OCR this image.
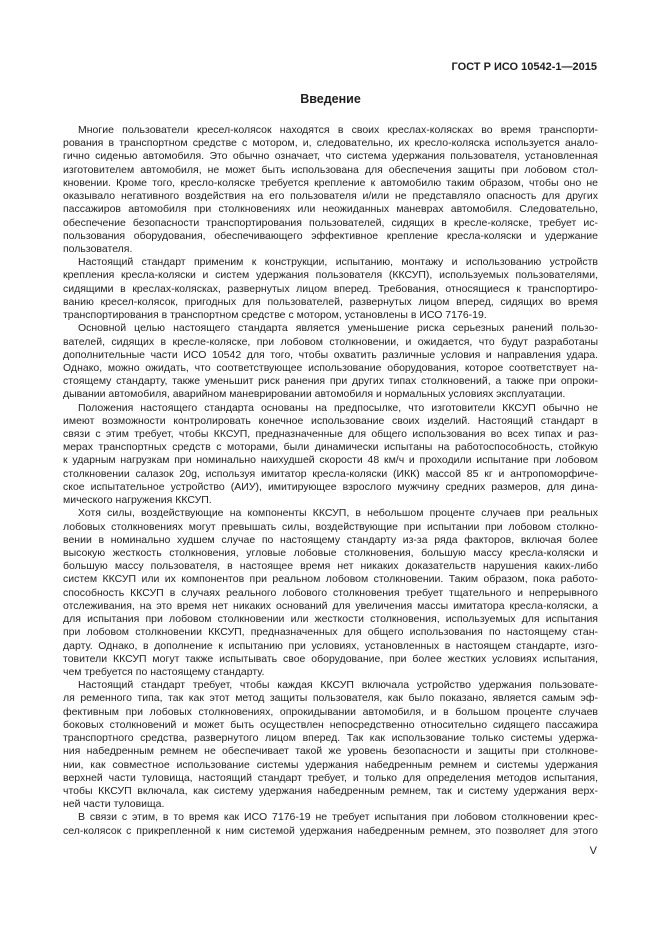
ГОСТ Р ИСО 10542-1—2015
Введение
Многие пользователи кресел-колясок находятся в своих креслах-колясках во время транспорти-
рования в транспортном средстве с мотором, и, следовательно, их кресло-коляска используется анало-
гично сиденью автомобиля. Это обычно означает, что система удержания пользователя, установленная
изготовителем автомобиля, не может быть использована для обеспечения защиты при лобовом стол-
кновении. Кроме того, кресло-коляске требуется крепление к автомобилю таким образом, чтобы оно не
оказывало негативного воздействия на его пользователя и/или не представляло опасность для других
пассажиров автомобиля при столкновениях или неожиданных маневрах автомобиля. Следовательно,
обеспечение безопасности транспортирования пользователей, сидящих в кресле-коляске, требует ис-
пользования оборудования, обеспечивающего эффективное крепление кресла-коляски и удержание
пользователя.
Настоящий стандарт применим к конструкции, испытанию, монтажу и использованию устройств
крепления кресла-коляски и систем удержания пользователя (ККСУП), используемых пользователями,
сидящими в креслах-колясках, развернутых лицом вперед. Требования, относящиеся к транспортиро-
ванию кресел-колясок, пригодных для пользователей, развернутых лицом вперед, сидящих во время
транспортирования в транспортном средстве с мотором, установлены в ИСО 7176-19.
Основной целью настоящего стандарта является уменьшение риска серьезных ранений пользо-
вателей, сидящих в кресле-коляске, при лобовом столкновении, и ожидается, что будут разработаны
дополнительные части ИСО 10542 для того, чтобы охватить различные условия и направления удара.
Однако, можно ожидать, что соответствующее использование оборудования, которое соответствует на-
стоящему стандарту, также уменьшит риск ранения при других типах столкновений, а также при опроки-
дывании автомобиля, аварийном маневрировании автомобиля и нормальных условиях эксплуатации.
Положения настоящего стандарта основаны на предпосылке, что изготовители ККСУП обычно не
имеют возможности контролировать конечное использование своих изделий. Настоящий стандарт в
связи с этим требует, чтобы ККСУП, предназначенные для общего использования во всех типах и раз-
мерах транспортных средств с моторами, были динамически испытаны на работоспособность, стойкую
к ударным нагрузкам при номинально наихудшей скорости 48 км/ч и проходили испытание при лобовом
столкновении салазок 20g, используя имитатор кресла-коляски (ИКК) массой 85 кг и антропоморфиче-
ское испытательное устройство (АИУ), имитирующее взрослого мужчину средних размеров, для дина-
мического нагружения ККСУП.
Хотя силы, воздействующие на компоненты ККСУП, в небольшом проценте случаев при реальных
лобовых столкновениях могут превышать силы, воздействующие при испытании при лобовом столкно-
вении в номинально худшем случае по настоящему стандарту из-за ряда факторов, включая более
высокую жесткость столкновения, угловые лобовые столкновения, большую массу кресла-коляски и
большую массу пользователя, в настоящее время нет никаких доказательств нарушения каких-либо
систем ККСУП или их компонентов при реальном лобовом столкновении. Таким образом, пока работо-
способность ККСУП в случаях реального лобового столкновения требует тщательного и непрерывного
отслеживания, на это время нет никаких оснований для увеличения массы имитатора кресла-коляски, а
для испытания при лобовом столкновении или жесткости столкновения, используемых для испытания
при лобовом столкновении ККСУП, предназначенных для общего использования по настоящему стан-
дарту. Однако, в дополнение к испытанию при условиях, установленных в настоящем стандарте, изго-
товители ККСУП могут также испытывать свое оборудование, при более жестких условиях испытания,
чем требуется по настоящему стандарту.
Настоящий стандарт требует, чтобы каждая ККСУП включала устройство удержания пользовате-
ля ременного типа, так как этот метод защиты пользователя, как было показано, является самым эф-
фективным при лобовых столкновениях, опрокидывании автомобиля, и в большом проценте случаев
боковых столкновений и может быть осуществлен непосредственно относительно сидящего пассажира
транспортного средства, развернутого лицом вперед. Так как использование только системы удержа-
ния набедренным ремнем не обеспечивает такой же уровень безопасности и защиты при столкнове-
нии, как совместное использование системы удержания набедренным ремнем и системы удержания
верхней части туловища, настоящий стандарт требует, и только для определения методов испытания,
чтобы ККСУП включала, как систему удержания набедренным ремнем, так и систему удержания верх-
ней части туловища.
В связи с этим, в то время как ИСО 7176-19 не требует испытания при лобовом столкновении крес-
сел-колясок с прикрепленной к ним системой удержания набедренным ремнем, это позволяет для этого
V
